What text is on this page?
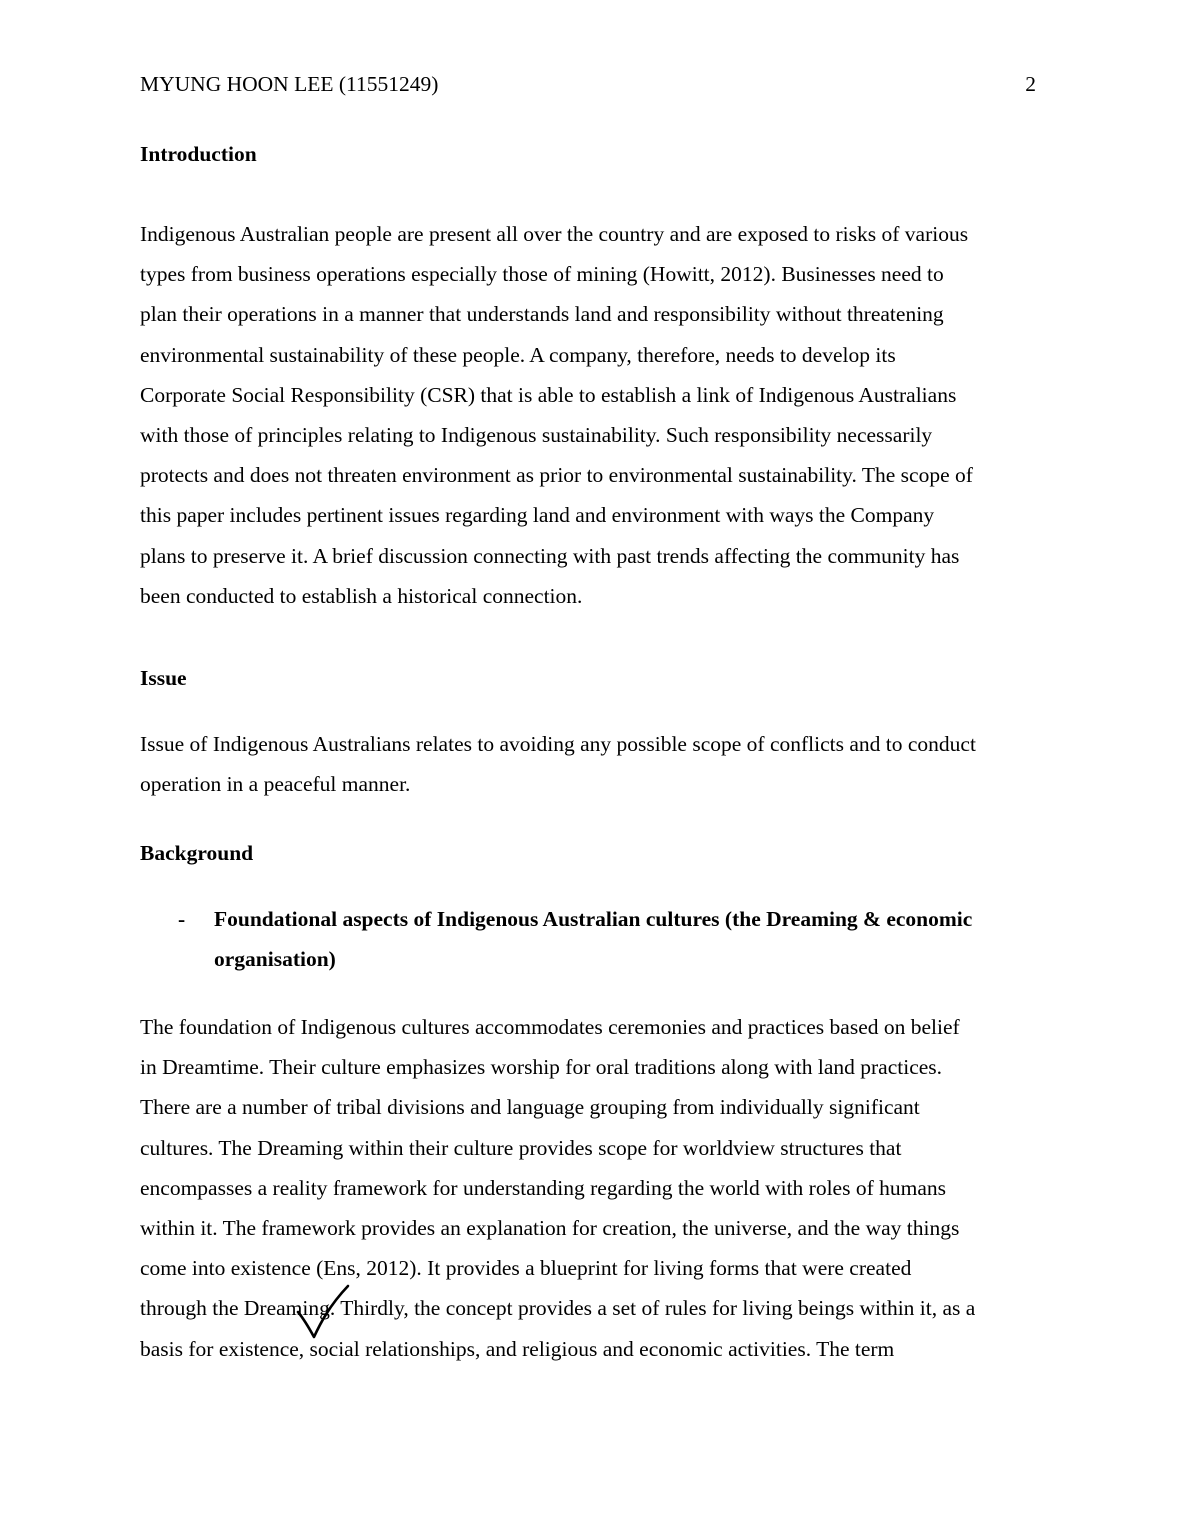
MYUNG HOON LEE (11551249)	2
Introduction
Indigenous Australian people are present all over the country and are exposed to risks of various
types from business operations especially those of mining (Howitt, 2012). Businesses need to
plan their operations in a manner that understands land and responsibility without threatening
environmental sustainability of these people. A company, therefore, needs to develop its
Corporate Social Responsibility (CSR) that is able to establish a link of Indigenous Australians
with those of principles relating to Indigenous sustainability. Such responsibility necessarily
protects and does not threaten environment as prior to environmental sustainability. The scope of
this paper includes pertinent issues regarding land and environment with ways the Company
plans to preserve it. A brief discussion connecting with past trends affecting the community has
been conducted to establish a historical connection.
Issue
Issue of Indigenous Australians relates to avoiding any possible scope of conflicts and to conduct
operation in a peaceful manner.
Background
- Foundational aspects of Indigenous Australian cultures (the Dreaming & economic
organisation)
The foundation of Indigenous cultures accommodates ceremonies and practices based on belief
in Dreamtime. Their culture emphasizes worship for oral traditions along with land practices.
There are a number of tribal divisions and language grouping from individually significant
cultures. The Dreaming within their culture provides scope for worldview structures that
encompasses a reality framework for understanding regarding the world with roles of humans
within it. The framework provides an explanation for creation, the universe, and the way things
come into existence (Ens, 2012). It provides a blueprint for living forms that were created
through the Dreaming. Thirdly, the concept provides a set of rules for living beings within it, as a
basis for existence, social relationships, and religious and economic activities. The term
